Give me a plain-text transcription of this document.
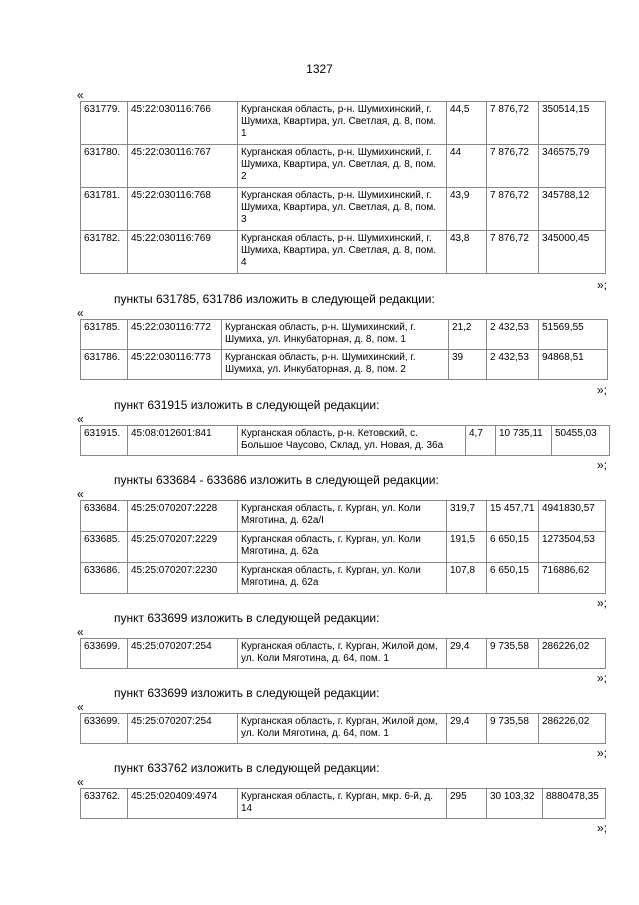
1327
«
631779.	45:22:030116:766	Курганская область, р-н. Шумихинский, г. Шумиха, Квартира, ул. Светлая, д. 8, пом. 1	44,5	7 876,72	350514,15
631780.	45:22:030116:767	Курганская область, р-н. Шумихинский, г. Шумиха, Квартира, ул. Светлая, д. 8, пом. 2	44	7 876,72	346575,79
631781.	45:22:030116:768	Курганская область, р-н. Шумихинский, г. Шумиха, Квартира, ул. Светлая, д. 8, пом. 3	43,9	7 876,72	345788,12
631782.	45:22:030116:769	Курганская область, р-н. Шумихинский, г. Шумиха, Квартира, ул. Светлая, д. 8, пом. 4	43,8	7 876,72	345000,45
»;
пункты 631785, 631786 изложить в следующей редакции:
«
631785.	45:22:030116:772	Курганская область, р-н. Шумихинский, г. Шумиха, ул. Инкубаторная, д. 8, пом. 1	21,2	2 432,53	51569,55
631786.	45:22:030116:773	Курганская область, р-н. Шумихинский, г. Шумиха, ул. Инкубаторная, д. 8, пом. 2	39	2 432,53	94868,51
»;
пункт 631915 изложить в следующей редакции:
«
631915.	45:08:012601:841	Курганская область, р-н. Кетовский, с. Большое Чаусово, Склад, ул. Новая, д. 36а	4,7	10 735,11	50455,03
»;
пункты 633684 - 633686 изложить в следующей редакции:
«
633684.	45:25:070207:2228	Курганская область, г. Курган, ул. Коли Мяготина, д. 62а/I	319,7	15 457,71	4941830,57
633685.	45:25:070207:2229	Курганская область, г. Курган, ул. Коли Мяготина, д. 62а	191,5	6 650,15	1273504,53
633686.	45:25:070207:2230	Курганская область, г. Курган, ул. Коли Мяготина, д. 62а	107,8	6 650,15	716886,62
»;
пункт 633699 изложить в следующей редакции:
«
633699.	45:25:070207:254	Курганская область, г. Курган, Жилой дом, ул. Коли Мяготина, д. 64, пом. 1	29,4	9 735,58	286226,02
»;
пункт 633699 изложить в следующей редакции:
«
633699.	45:25:070207:254	Курганская область, г. Курган, Жилой дом, ул. Коли Мяготина, д. 64, пом. 1	29,4	9 735,58	286226,02
»;
пункт 633762 изложить в следующей редакции:
«
633762.	45:25:020409:4974	Курганская область, г. Курган, мкр. 6-й, д. 14	295	30 103,32	8880478,35
»;
